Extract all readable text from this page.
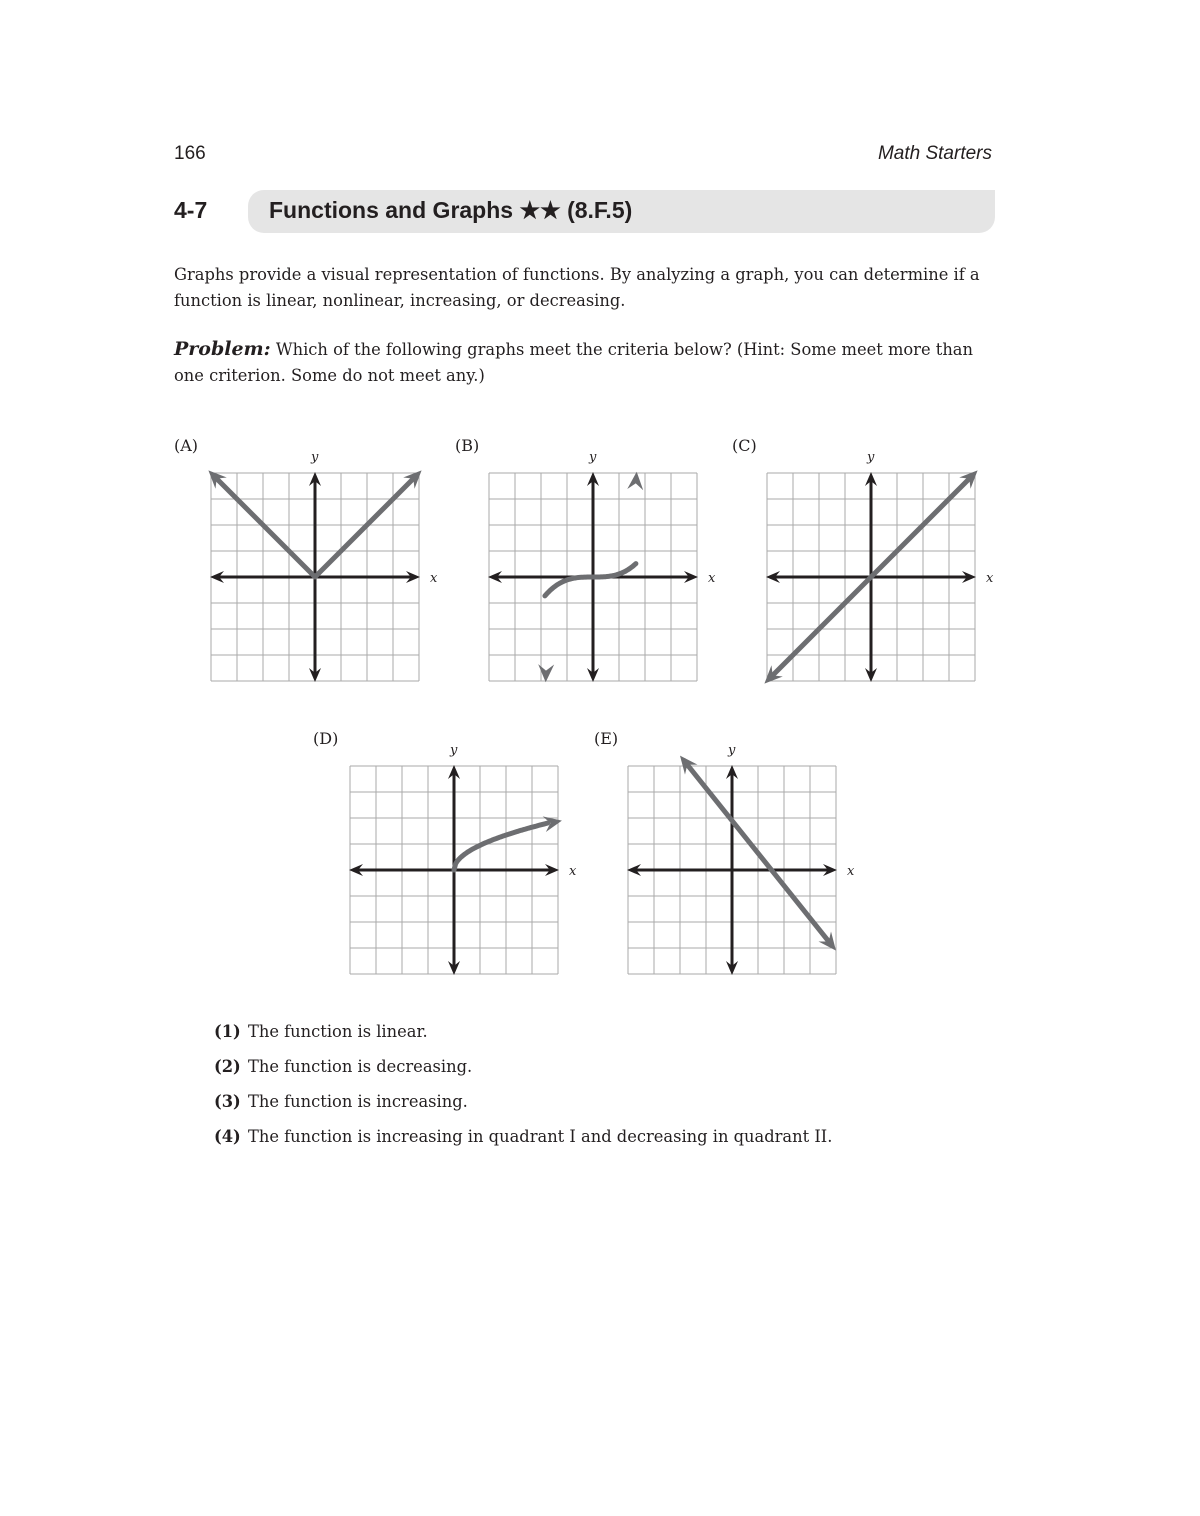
166	Math Starters
4-7	Functions and Graphs ★★ (8.F.5)

Graphs provide a visual representation of functions. By analyzing a graph, you can determine if a function is linear, nonlinear, increasing, or decreasing.

Problem: Which of the following graphs meet the criteria below? (Hint: Some meet more than one criterion. Some do not meet any.)

(A)
x
y
(B)
x
y
(C)
x
y
(D)
x
y
(E)
x
y
(1) The function is linear.
(2) The function is decreasing.
(3) The function is increasing.
(4) The function is increasing in quadrant I and decreasing in quadrant II.
